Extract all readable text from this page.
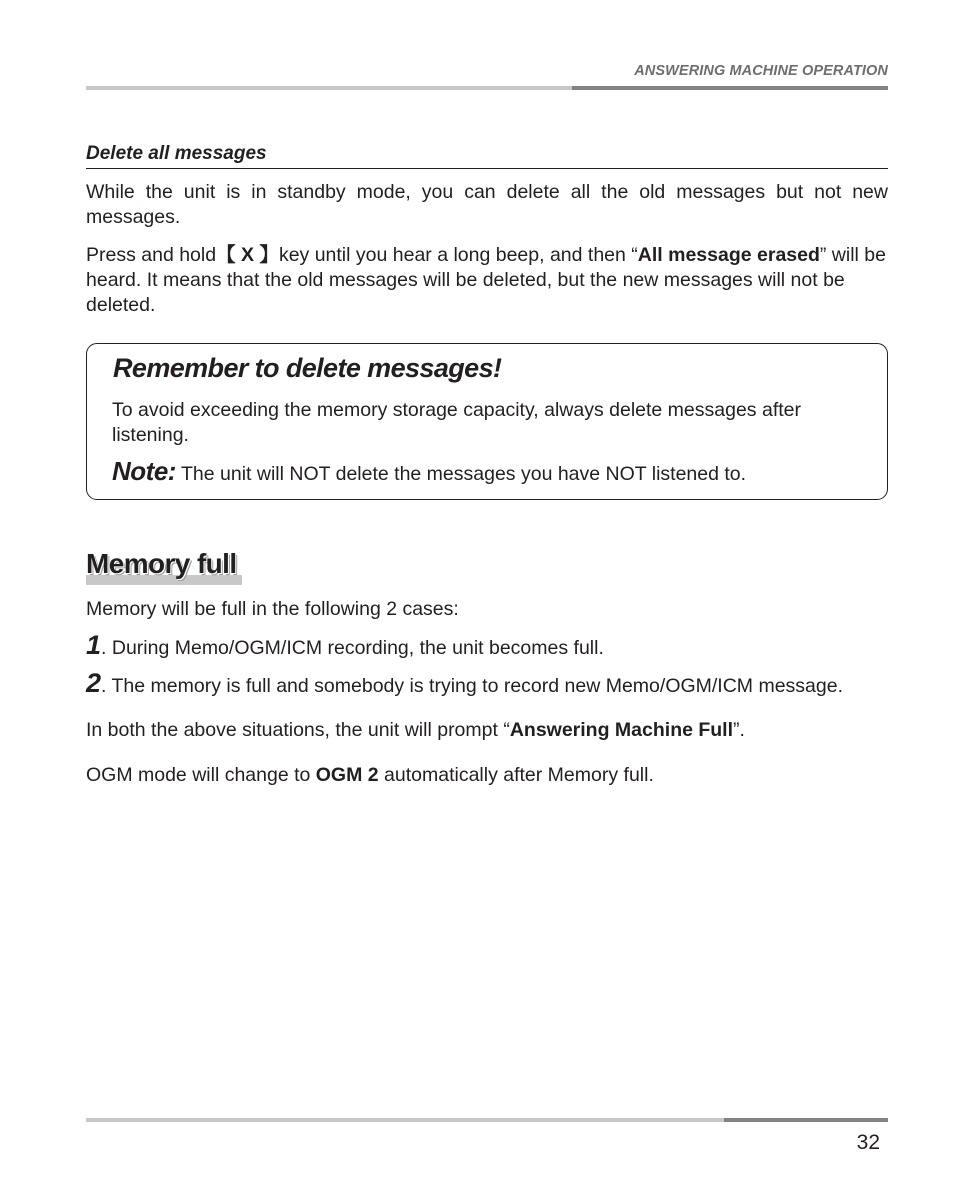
ANSWERING MACHINE OPERATION
Delete all messages
While the unit is in standby mode, you can delete all the old messages but not new messages.
Press and hold【 X 】key until you hear a long beep, and then “All message erased” will be heard. It means that the old messages will be deleted, but the new messages will not be deleted.
Remember to delete messages!
To avoid exceeding the memory storage capacity, always delete messages after listening.
Note: The unit will NOT delete the messages you have NOT listened to.
Memory full
Memory will be full in the following 2 cases:
1. During Memo/OGM/ICM recording, the unit becomes full.
2. The memory is full and somebody is trying to record new Memo/OGM/ICM message.
In both the above situations, the unit will prompt “Answering Machine Full”.
OGM mode will change to OGM 2 automatically after Memory full.
32
